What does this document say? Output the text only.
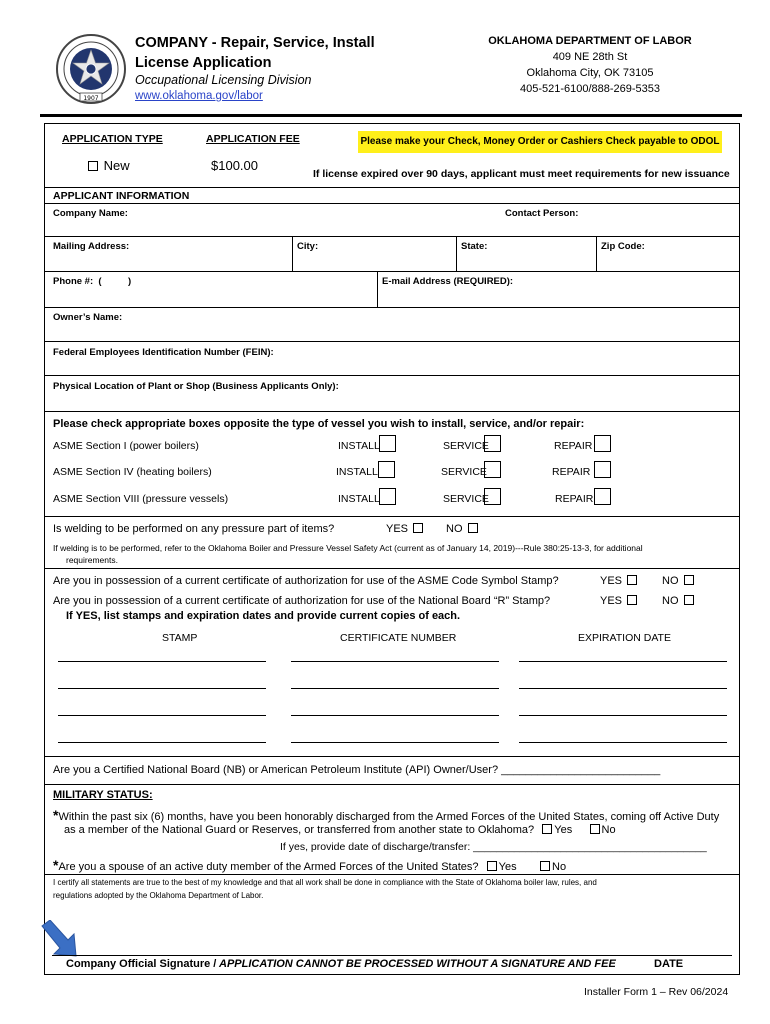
1907
COMPANY - Repair, Service, Install
License Application
Occupational Licensing Division
www.oklahoma.gov/labor
OKLAHOMA DEPARTMENT OF LABOR
409 NE 28th St
Oklahoma City, OK 73105
405-521-6100/888-269-5353
APPLICATION TYPE	APPLICATION FEE	Please make your Check, Money Order or Cashiers Check payable to ODOL
New	$100.00
If license expired over 90 days, applicant must meet requirements for new issuance
APPLICANT INFORMATION
Company Name:	Contact Person:
Mailing Address:	City:	State:	Zip Code:
Phone #:  (          )	E-mail Address (REQUIRED):
Owner’s Name:
Federal Employees Identification Number (FEIN):
Physical Location of Plant or Shop (Business Applicants Only):
Please check appropriate boxes opposite the type of vessel you wish to install, service, and/or repair:
ASME Section I (power boilers)	INSTALL	SERVICE	REPAIR
ASME Section IV (heating boilers)	INSTALL	SERVICE	REPAIR
ASME Section VIII (pressure vessels)	INSTALL	SERVICE	REPAIR
Is welding to be performed on any pressure part of items?	YES	NO
If welding is to be performed, refer to the Oklahoma Boiler and Pressure Vessel Safety Act (current as of January 14, 2019)---Rule 380:25-13-3, for additional
requirements.
Are you in possession of a current certificate of authorization for use of the ASME Code Symbol Stamp?	YES	NO
Are you in possession of a current certificate of authorization for use of the National Board “R” Stamp?	YES	NO
If YES, list stamps and expiration dates and provide current copies of each.
STAMP	CERTIFICATE NUMBER	EXPIRATION DATE
Are you a Certified National Board (NB) or American Petroleum Institute (API) Owner/User? __________________________
MILITARY STATUS:
*Within the past six (6) months, have you been honorably discharged from the Armed Forces of the United States, coming off Active Duty
as a member of the National Guard or Reserves, or transferred from another state to Oklahoma? Yes	No
If yes, provide date of discharge/transfer: ________________________________________
*Are you a spouse of an active duty member of the Armed Forces of the United States? Yes	No
I certify all statements are true to the best of my knowledge and that all work shall be done in compliance with the State of Oklahoma boiler law, rules, and
regulations adopted by the Oklahoma Department of Labor.
Company Official Signature / APPLICATION CANNOT BE PROCESSED WITHOUT A SIGNATURE AND FEE	DATE
Installer Form 1 – Rev 06/2024
